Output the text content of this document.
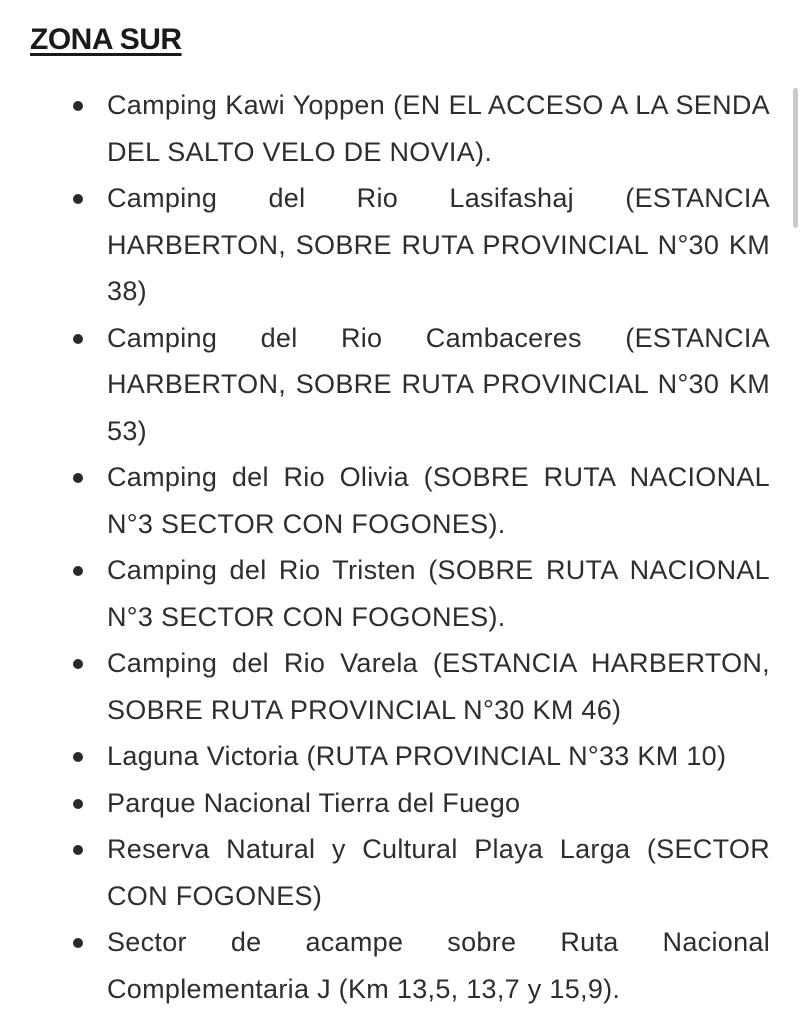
ZONA SUR
Camping Kawi Yoppen (EN EL ACCESO A LA SENDA DEL SALTO VELO DE NOVIA).
Camping del Rio Lasifashaj (ESTANCIA HARBERTON, SOBRE RUTA PROVINCIAL N°30 KM 38)
Camping del Rio Cambaceres (ESTANCIA HARBERTON, SOBRE RUTA PROVINCIAL N°30 KM 53)
Camping del Rio Olivia (SOBRE RUTA NACIONAL N°3 SECTOR CON FOGONES).
Camping del Rio Tristen (SOBRE RUTA NACIONAL N°3 SECTOR CON FOGONES).
Camping del Rio Varela (ESTANCIA HARBERTON, SOBRE RUTA PROVINCIAL N°30 KM 46)
Laguna Victoria (RUTA PROVINCIAL N°33 KM 10)
Parque Nacional Tierra del Fuego
Reserva Natural y Cultural Playa Larga (SECTOR CON FOGONES)
Sector de acampe sobre Ruta Nacional Complementaria J (Km 13,5, 13,7 y 15,9).
